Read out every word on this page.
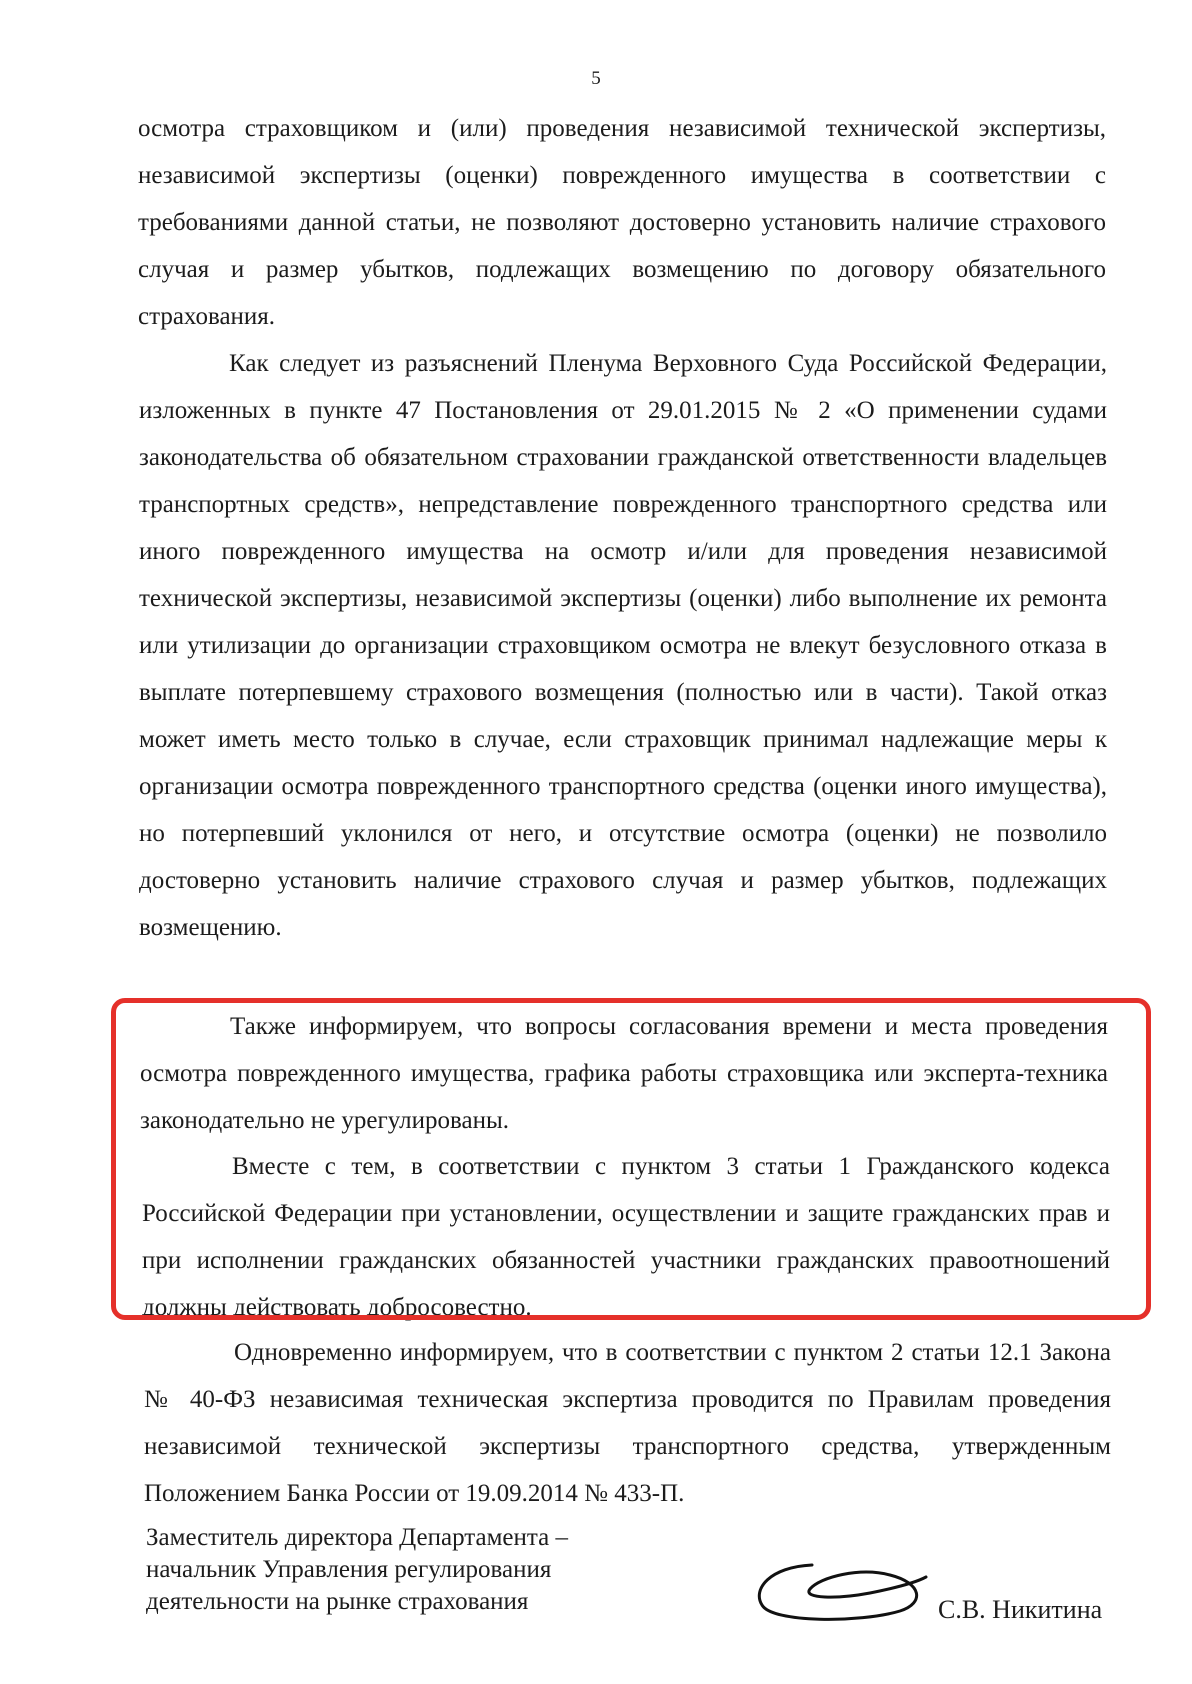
5

осмотра страховщиком и (или) проведения независимой технической экспертизы, независимой экспертизы (оценки) поврежденного имущества в соответствии с требованиями данной статьи, не позволяют достоверно установить наличие страхового случая и размер убытков, подлежащих возмещению по договору обязательного страхования.

Как следует из разъяснений Пленума Верховного Суда Российской Федерации, изложенных в пункте 47 Постановления от 29.01.2015 № 2 «О применении судами законодательства об обязательном страховании гражданской ответственности владельцев транспортных средств», непредставление поврежденного транспортного средства или иного поврежденного имущества на осмотр и/или для проведения независимой технической экспертизы, независимой экспертизы (оценки) либо выполнение их ремонта или утилизации до организации страховщиком осмотра не влекут безусловного отказа в выплате потерпевшему страхового возмещения (полностью или в части). Такой отказ может иметь место только в случае, если страховщик принимал надлежащие меры к организации осмотра поврежденного транспортного средства (оценки иного имущества), но потерпевший уклонился от него, и отсутствие осмотра (оценки) не позволило достоверно установить наличие страхового случая и размер убытков, подлежащих возмещению.

Также информируем, что вопросы согласования времени и места проведения осмотра поврежденного имущества, графика работы страховщика или эксперта-техника законодательно не урегулированы.

Вместе с тем, в соответствии с пунктом 3 статьи 1 Гражданского кодекса Российской Федерации при установлении, осуществлении и защите гражданских прав и при исполнении гражданских обязанностей участники гражданских правоотношений должны действовать добросовестно.

Одновременно информируем, что в соответствии с пунктом 2 статьи 12.1 Закона № 40-ФЗ независимая техническая экспертиза проводится по Правилам проведения независимой технической экспертизы транспортного средства, утвержденным Положением Банка России от 19.09.2014 № 433-П.

Заместитель директора Департамента –
начальник Управления регулирования
деятельности на рынке страхования	С.В. Никитина
